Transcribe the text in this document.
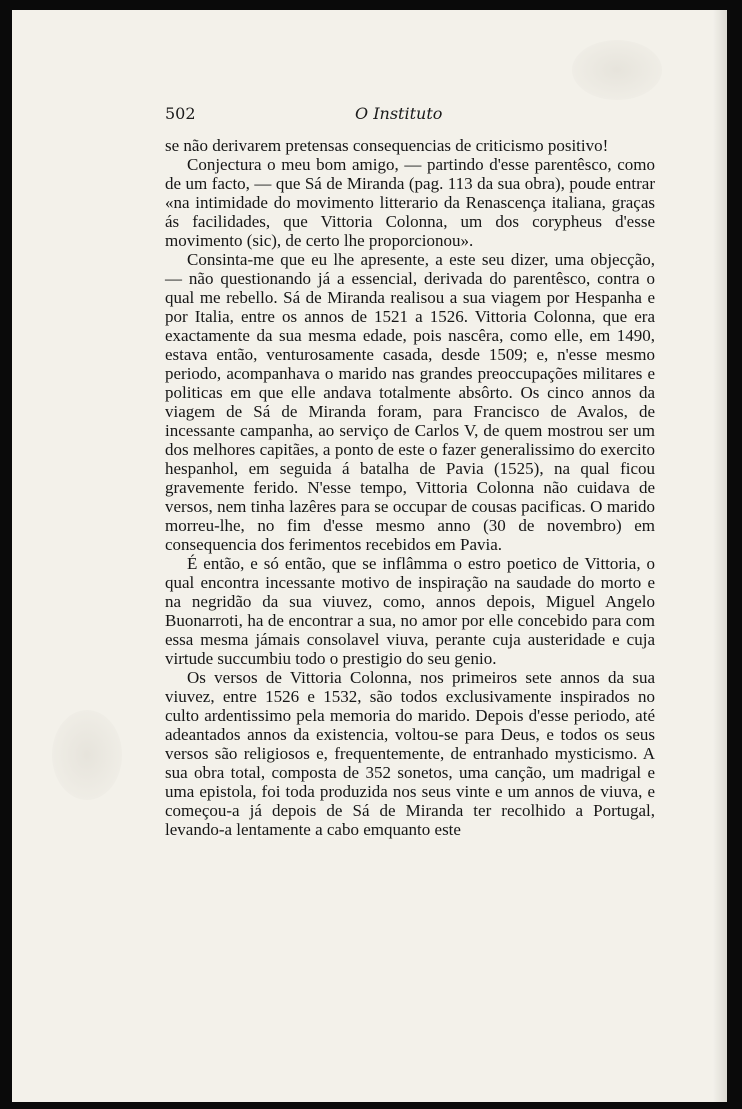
502	O Instituto

se não derivarem pretensas consequencias de criticismo positivo!

Conjectura o meu bom amigo, — partindo d'esse parentêsco, como de um facto, — que Sá de Miranda (pag. 113 da sua obra), poude entrar «na intimidade do movimento litterario da Renascença italiana, graças ás facilidades, que Vittoria Colonna, um dos corypheus d'esse movimento (sic), de certo lhe proporcionou».

Consinta-me que eu lhe apresente, a este seu dizer, uma objecção, — não questionando já a essencial, derivada do parentêsco, contra o qual me rebello. Sá de Miranda realisou a sua viagem por Hespanha e por Italia, entre os annos de 1521 a 1526. Vittoria Colonna, que era exactamente da sua mesma edade, pois nascêra, como elle, em 1490, estava então, venturosamente casada, desde 1509; e, n'esse mesmo periodo, acompanhava o marido nas grandes preoccupações militares e politicas em que elle andava totalmente absôrto. Os cinco annos da viagem de Sá de Miranda foram, para Francisco de Avalos, de incessante campanha, ao serviço de Carlos V, de quem mostrou ser um dos melhores capitães, a ponto de este o fazer generalissimo do exercito hespanhol, em seguida á batalha de Pavia (1525), na qual ficou gravemente ferido. N'esse tempo, Vittoria Colonna não cuidava de versos, nem tinha lazêres para se occupar de cousas pacificas. O marido morreu-lhe, no fim d'esse mesmo anno (30 de novembro) em consequencia dos ferimentos recebidos em Pavia.

É então, e só então, que se inflâmma o estro poetico de Vittoria, o qual encontra incessante motivo de inspiração na saudade do morto e na negridão da sua viuvez, como, annos depois, Miguel Angelo Buonarroti, ha de encontrar a sua, no amor por elle concebido para com essa mesma jámais consolavel viuva, perante cuja austeridade e cuja virtude succumbiu todo o prestigio do seu genio.

Os versos de Vittoria Colonna, nos primeiros sete annos da sua viuvez, entre 1526 e 1532, são todos exclusivamente inspirados no culto ardentissimo pela memoria do marido. Depois d'esse periodo, até adeantados annos da existencia, voltou-se para Deus, e todos os seus versos são religiosos e, frequentemente, de entranhado mysticismo. A sua obra total, composta de 352 sonetos, uma canção, um madrigal e uma epistola, foi toda produzida nos seus vinte e um annos de viuva, e começou-a já depois de Sá de Miranda ter recolhido a Portugal, levando-a lentamente a cabo emquanto este
